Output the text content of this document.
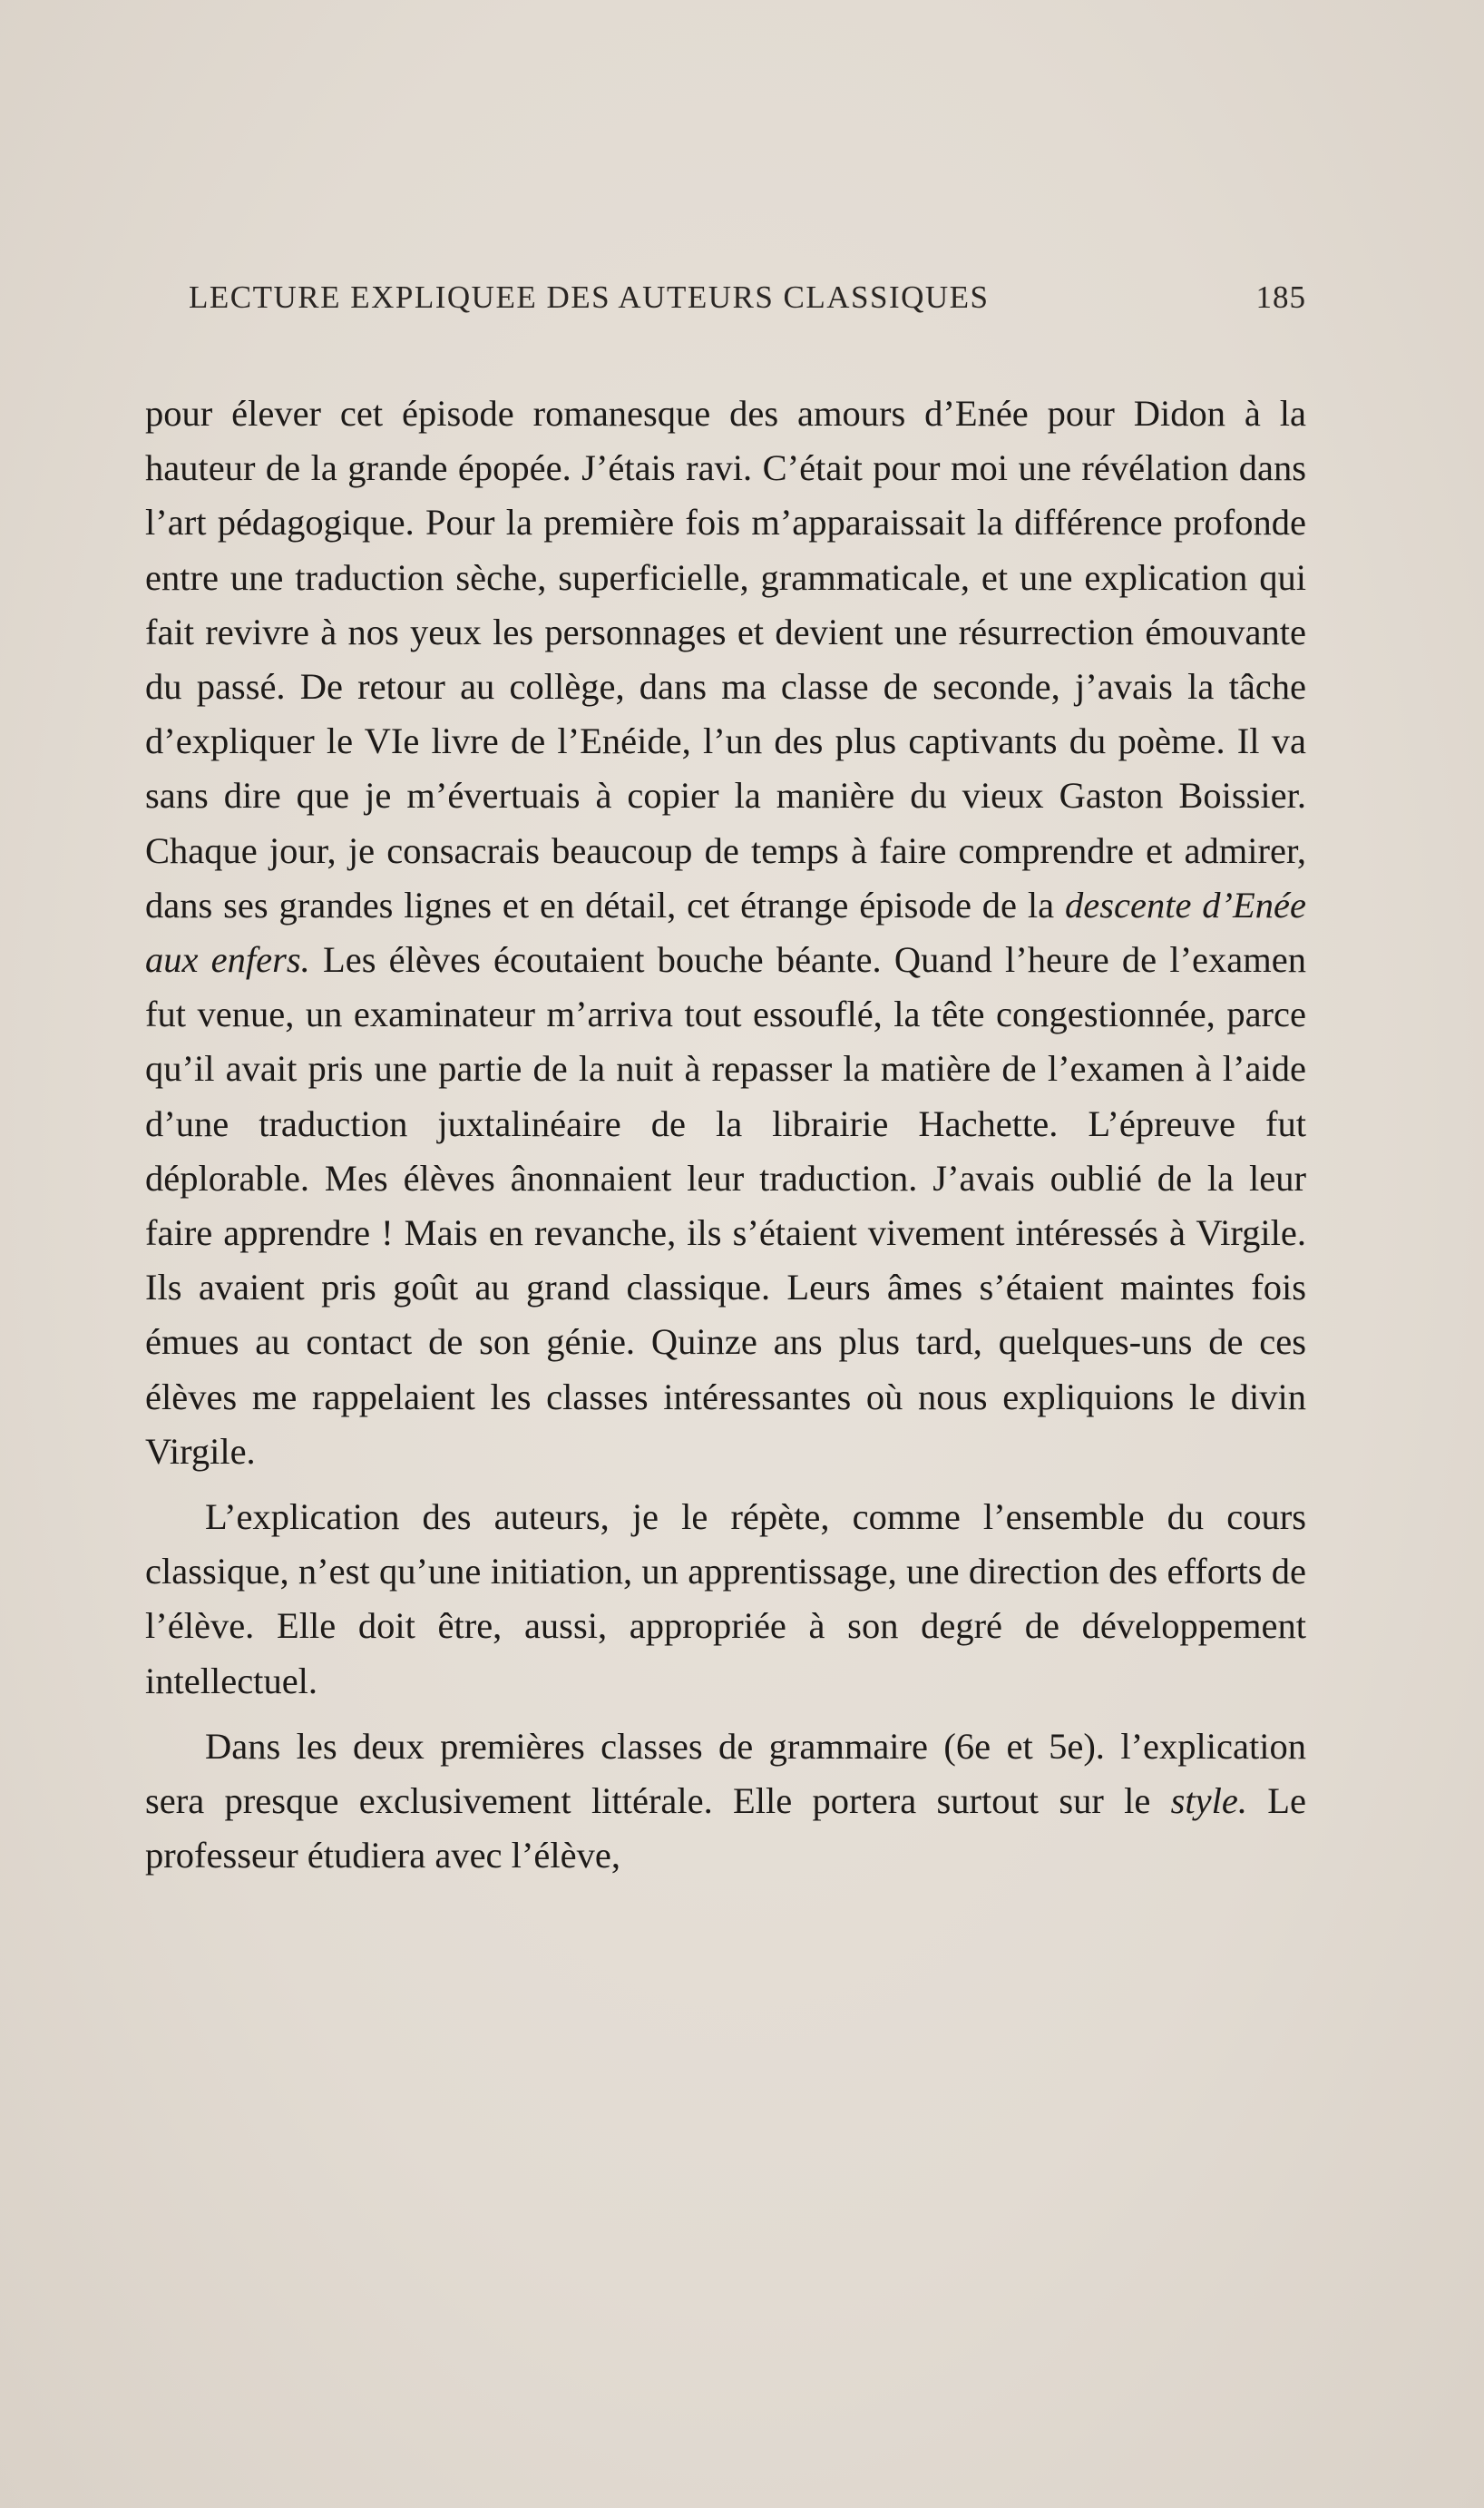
LECTURE EXPLIQUEE DES AUTEURS CLASSIQUES	185

pour élever cet épisode romanesque des amours d’Enée pour Didon à la hauteur de la grande épopée. J’étais ravi. C’était pour moi une révélation dans l’art pédagogique. Pour la première fois m’apparaissait la différence profonde entre une traduction sèche, superficielle, grammaticale, et une explication qui fait revivre à nos yeux les personnages et devient une résurrection émouvante du passé. De retour au collège, dans ma classe de seconde, j’avais la tâche d’expliquer le VIe livre de l’Enéide, l’un des plus captivants du poème. Il va sans dire que je m’évertuais à copier la manière du vieux Gaston Boissier. Chaque jour, je consacrais beaucoup de temps à faire comprendre et admirer, dans ses grandes lignes et en détail, cet étrange épisode de la descente d’Enée aux enfers. Les élèves écoutaient bouche béante. Quand l’heure de l’examen fut venue, un examinateur m’arriva tout essouflé, la tête congestionnée, parce qu’il avait pris une partie de la nuit à repasser la matière de l’examen à l’aide d’une traduction juxtalinéaire de la librairie Hachette. L’épreuve fut déplorable. Mes élèves ânonnaient leur traduction. J’avais oublié de la leur faire apprendre ! Mais en revanche, ils s’étaient vivement intéressés à Virgile. Ils avaient pris goût au grand classique. Leurs âmes s’étaient maintes fois émues au contact de son génie. Quinze ans plus tard, quelques-uns de ces élèves me rappelaient les classes intéressantes où nous expliquions le divin Virgile.

L’explication des auteurs, je le répète, comme l’ensemble du cours classique, n’est qu’une initiation, un apprentissage, une direction des efforts de l’élève. Elle doit être, aussi, appropriée à son degré de développement intellectuel.

Dans les deux premières classes de grammaire (6e et 5e). l’explication sera presque exclusivement littérale. Elle portera surtout sur le style. Le professeur étudiera avec l’élève,
